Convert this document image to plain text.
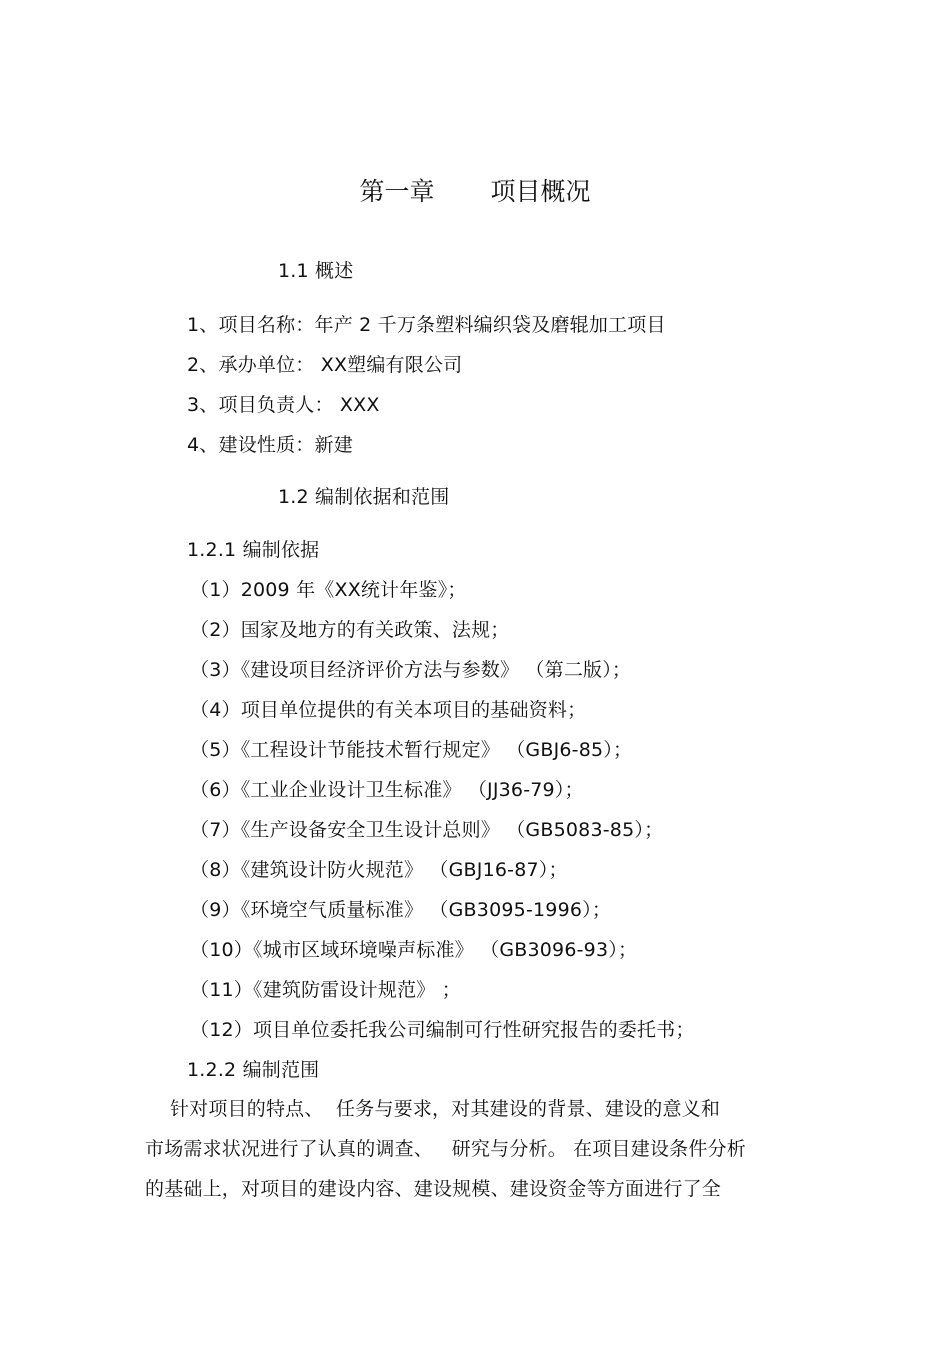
第一章 项目概况
1.1 概述
1、项目名称：年产 2 千万条塑料编织袋及磨辊加工项目
2、承办单位： XX塑编有限公司
3、项目负责人： XXX
4、建设性质：新建
1.2 编制依据和范围
1.2.1 编制依据
（1）2009 年《XX统计年鉴》；
（2）国家及地方的有关政策、法规；
（3）《建设项目经济评价方法与参数》 （第二版）；
（4）项目单位提供的有关本项目的基础资料；
（5）《工程设计节能技术暂行规定》 （GBJ6-85）；
（6）《工业企业设计卫生标准》 （JJ36-79）；
（7）《生产设备安全卫生设计总则》 （GB5083-85）；
（8）《建筑设计防火规范》 （GBJ16-87）；
（9）《环境空气质量标准》 （GB3095-1996）；
（10）《城市区域环境噪声标准》 （GB3096-93）；
（11）《建筑防雷设计规范》 ；
（12）项目单位委托我公司编制可行性研究报告的委托书；
1.2.2 编制范围
针对项目的特点、  任务与要求，对其建设的背景、建设的意义和
市场需求状况进行了认真的调查、   研究与分析。 在项目建设条件分析
的基础上，对项目的建设内容、建设规模、建设资金等方面进行了全
